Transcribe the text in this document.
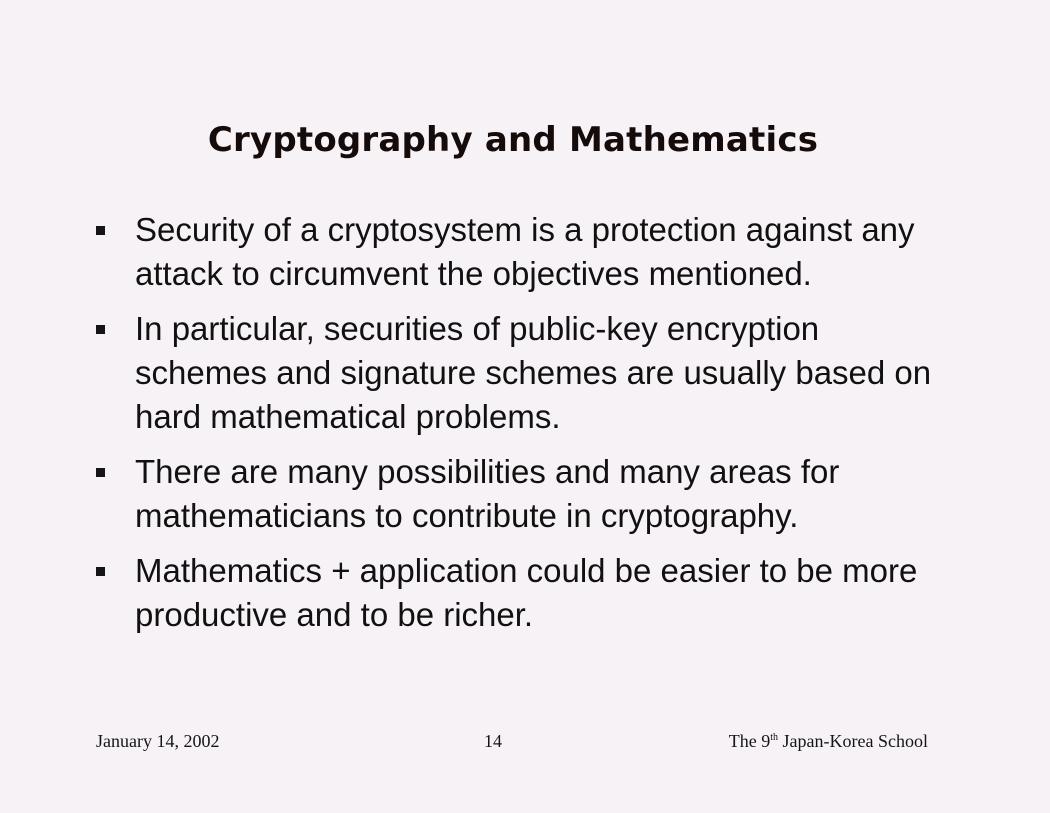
Cryptography and Mathematics
Security of a cryptosystem is a protection against any attack to circumvent the objectives mentioned.
In particular, securities of public-key encryption schemes and signature schemes are usually based on hard mathematical problems.
There are many possibilities and many areas for mathematicians to contribute in cryptography.
Mathematics + application could be easier to be more productive and to be richer.
January 14, 2002	14	The 9th Japan-Korea School
